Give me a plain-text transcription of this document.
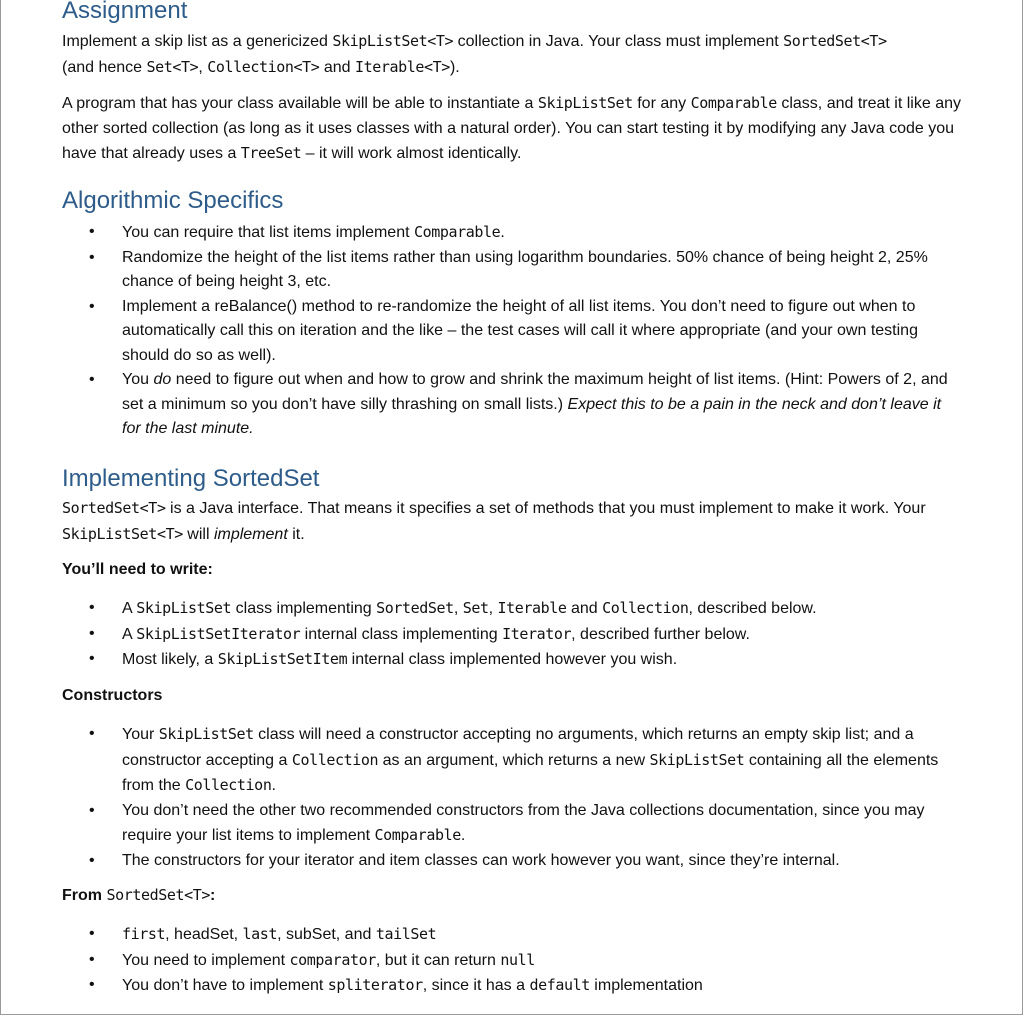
Assignment

Implement a skip list as a genericized SkipListSet<T> collection in Java. Your class must implement SortedSet<T>
(and hence Set<T>, Collection<T> and Iterable<T>).

A program that has your class available will be able to instantiate a SkipListSet for any Comparable class, and treat it like any other sorted collection (as long as it uses classes with a natural order). You can start testing it by modifying any Java code you have that already uses a TreeSet – it will work almost identically.

Algorithmic Specifics
• You can require that list items implement Comparable.
• Randomize the height of the list items rather than using logarithm boundaries. 50% chance of being height 2, 25% chance of being height 3, etc.
• Implement a reBalance() method to re-randomize the height of all list items. You don’t need to figure out when to automatically call this on iteration and the like – the test cases will call it where appropriate (and your own testing should do so as well).
• You do need to figure out when and how to grow and shrink the maximum height of list items. (Hint: Powers of 2, and set a minimum so you don’t have silly thrashing on small lists.) Expect this to be a pain in the neck and don’t leave it for the last minute.
Implementing SortedSet

SortedSet<T> is a Java interface. That means it specifies a set of methods that you must implement to make it work. Your SkipListSet<T> will implement it.

You’ll need to write:

• A SkipListSet class implementing SortedSet, Set, Iterable and Collection, described below.
• A SkipListSetIterator internal class implementing Iterator, described further below.
• Most likely, a SkipListSetItem internal class implemented however you wish.

Constructors

• Your SkipListSet class will need a constructor accepting no arguments, which returns an empty skip list; and a constructor accepting a Collection as an argument, which returns a new SkipListSet containing all the elements from the Collection.
• You don’t need the other two recommended constructors from the Java collections documentation, since you may require your list items to implement Comparable.
• The constructors for your iterator and item classes can work however you want, since they’re internal.

From SortedSet<T>:

• first, headSet, last, subSet, and tailSet
• You need to implement comparator, but it can return null
• You don’t have to implement spliterator, since it has a default implementation
